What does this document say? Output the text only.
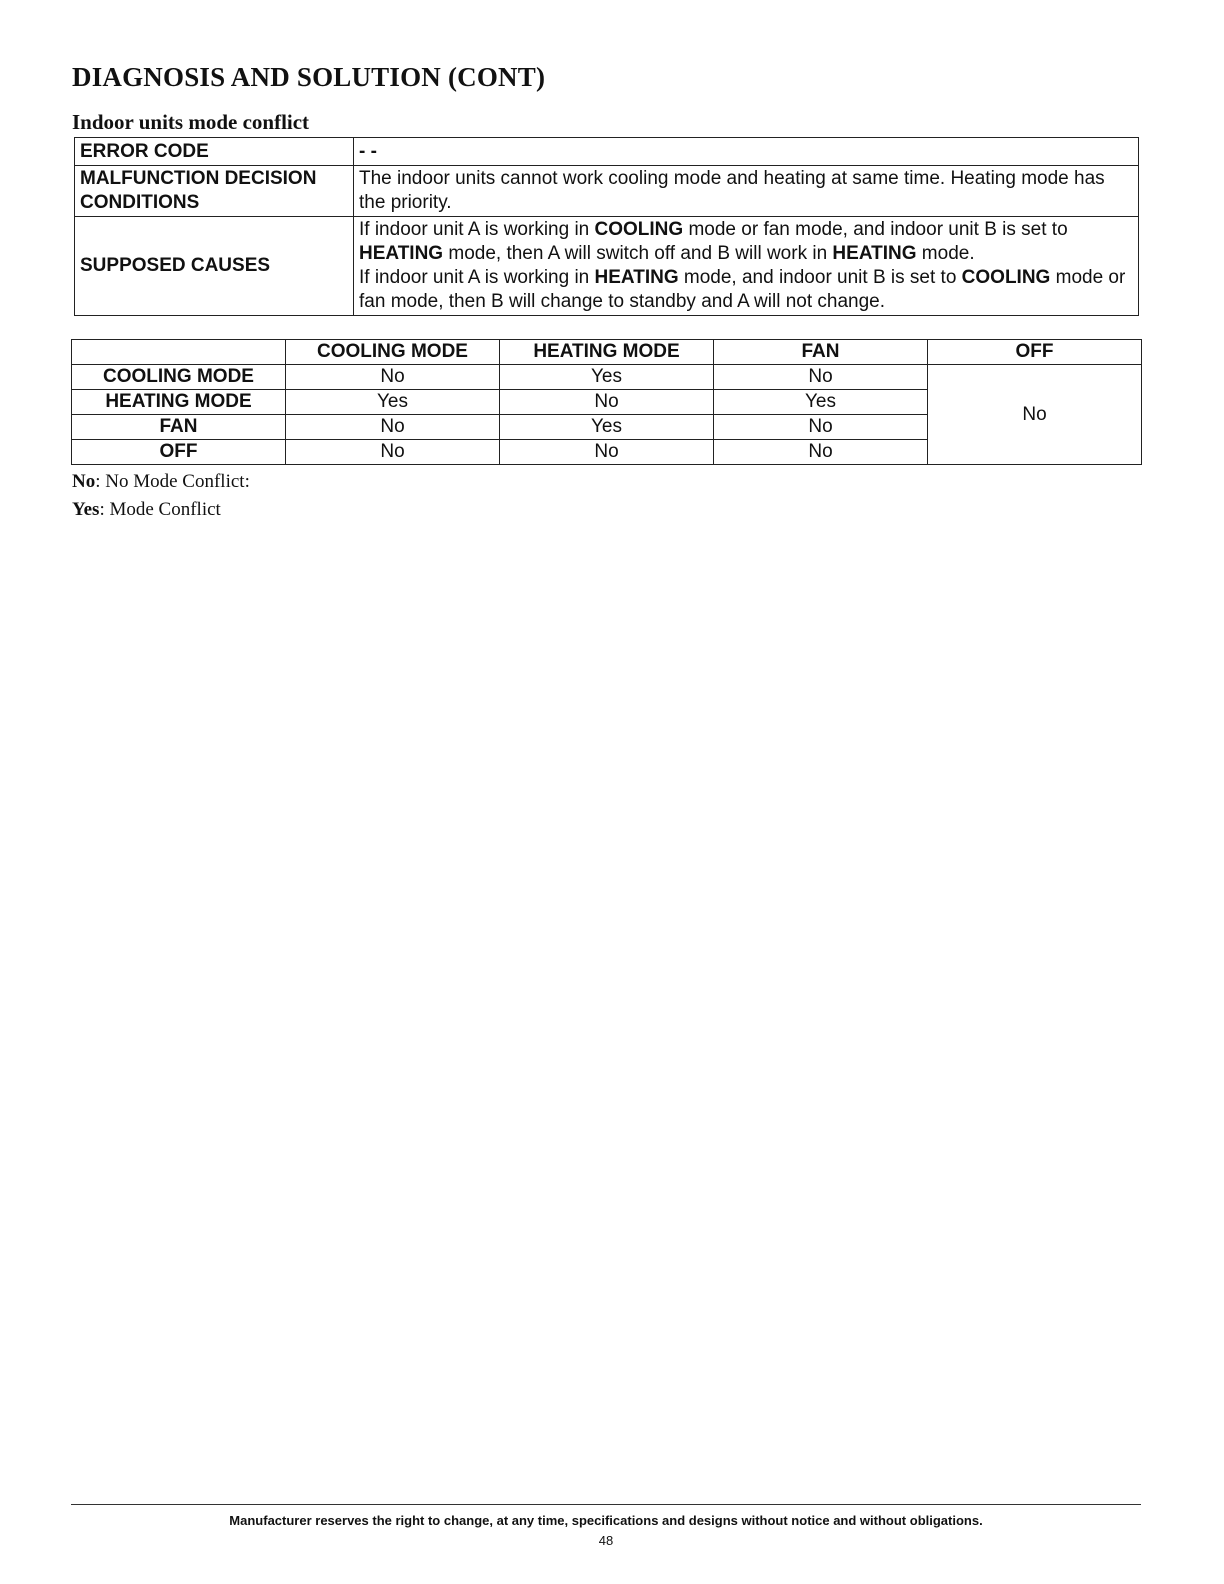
DIAGNOSIS AND SOLUTION (CONT)
Indoor units mode conflict
ERROR CODE	- -
MALFUNCTION DECISION CONDITIONS	The indoor units cannot work cooling mode and heating at same time. Heating mode has the priority.
SUPPOSED CAUSES	If indoor unit A is working in COOLING mode or fan mode, and indoor unit B is set to HEATING mode, then A will switch off and B will work in HEATING mode.
If indoor unit A is working in HEATING mode, and indoor unit B is set to COOLING mode or fan mode, then B will change to standby and A will not change.
	COOLING MODE	HEATING MODE	FAN	OFF
COOLING MODE	No	Yes	No	No
HEATING MODE	Yes	No	Yes	
FAN	No	Yes	No	
OFF	No	No	No	

No: No Mode Conflict:

Yes: Mode Conflict

Manufacturer reserves the right to change, at any time, specifications and designs without notice and without obligations.

48
